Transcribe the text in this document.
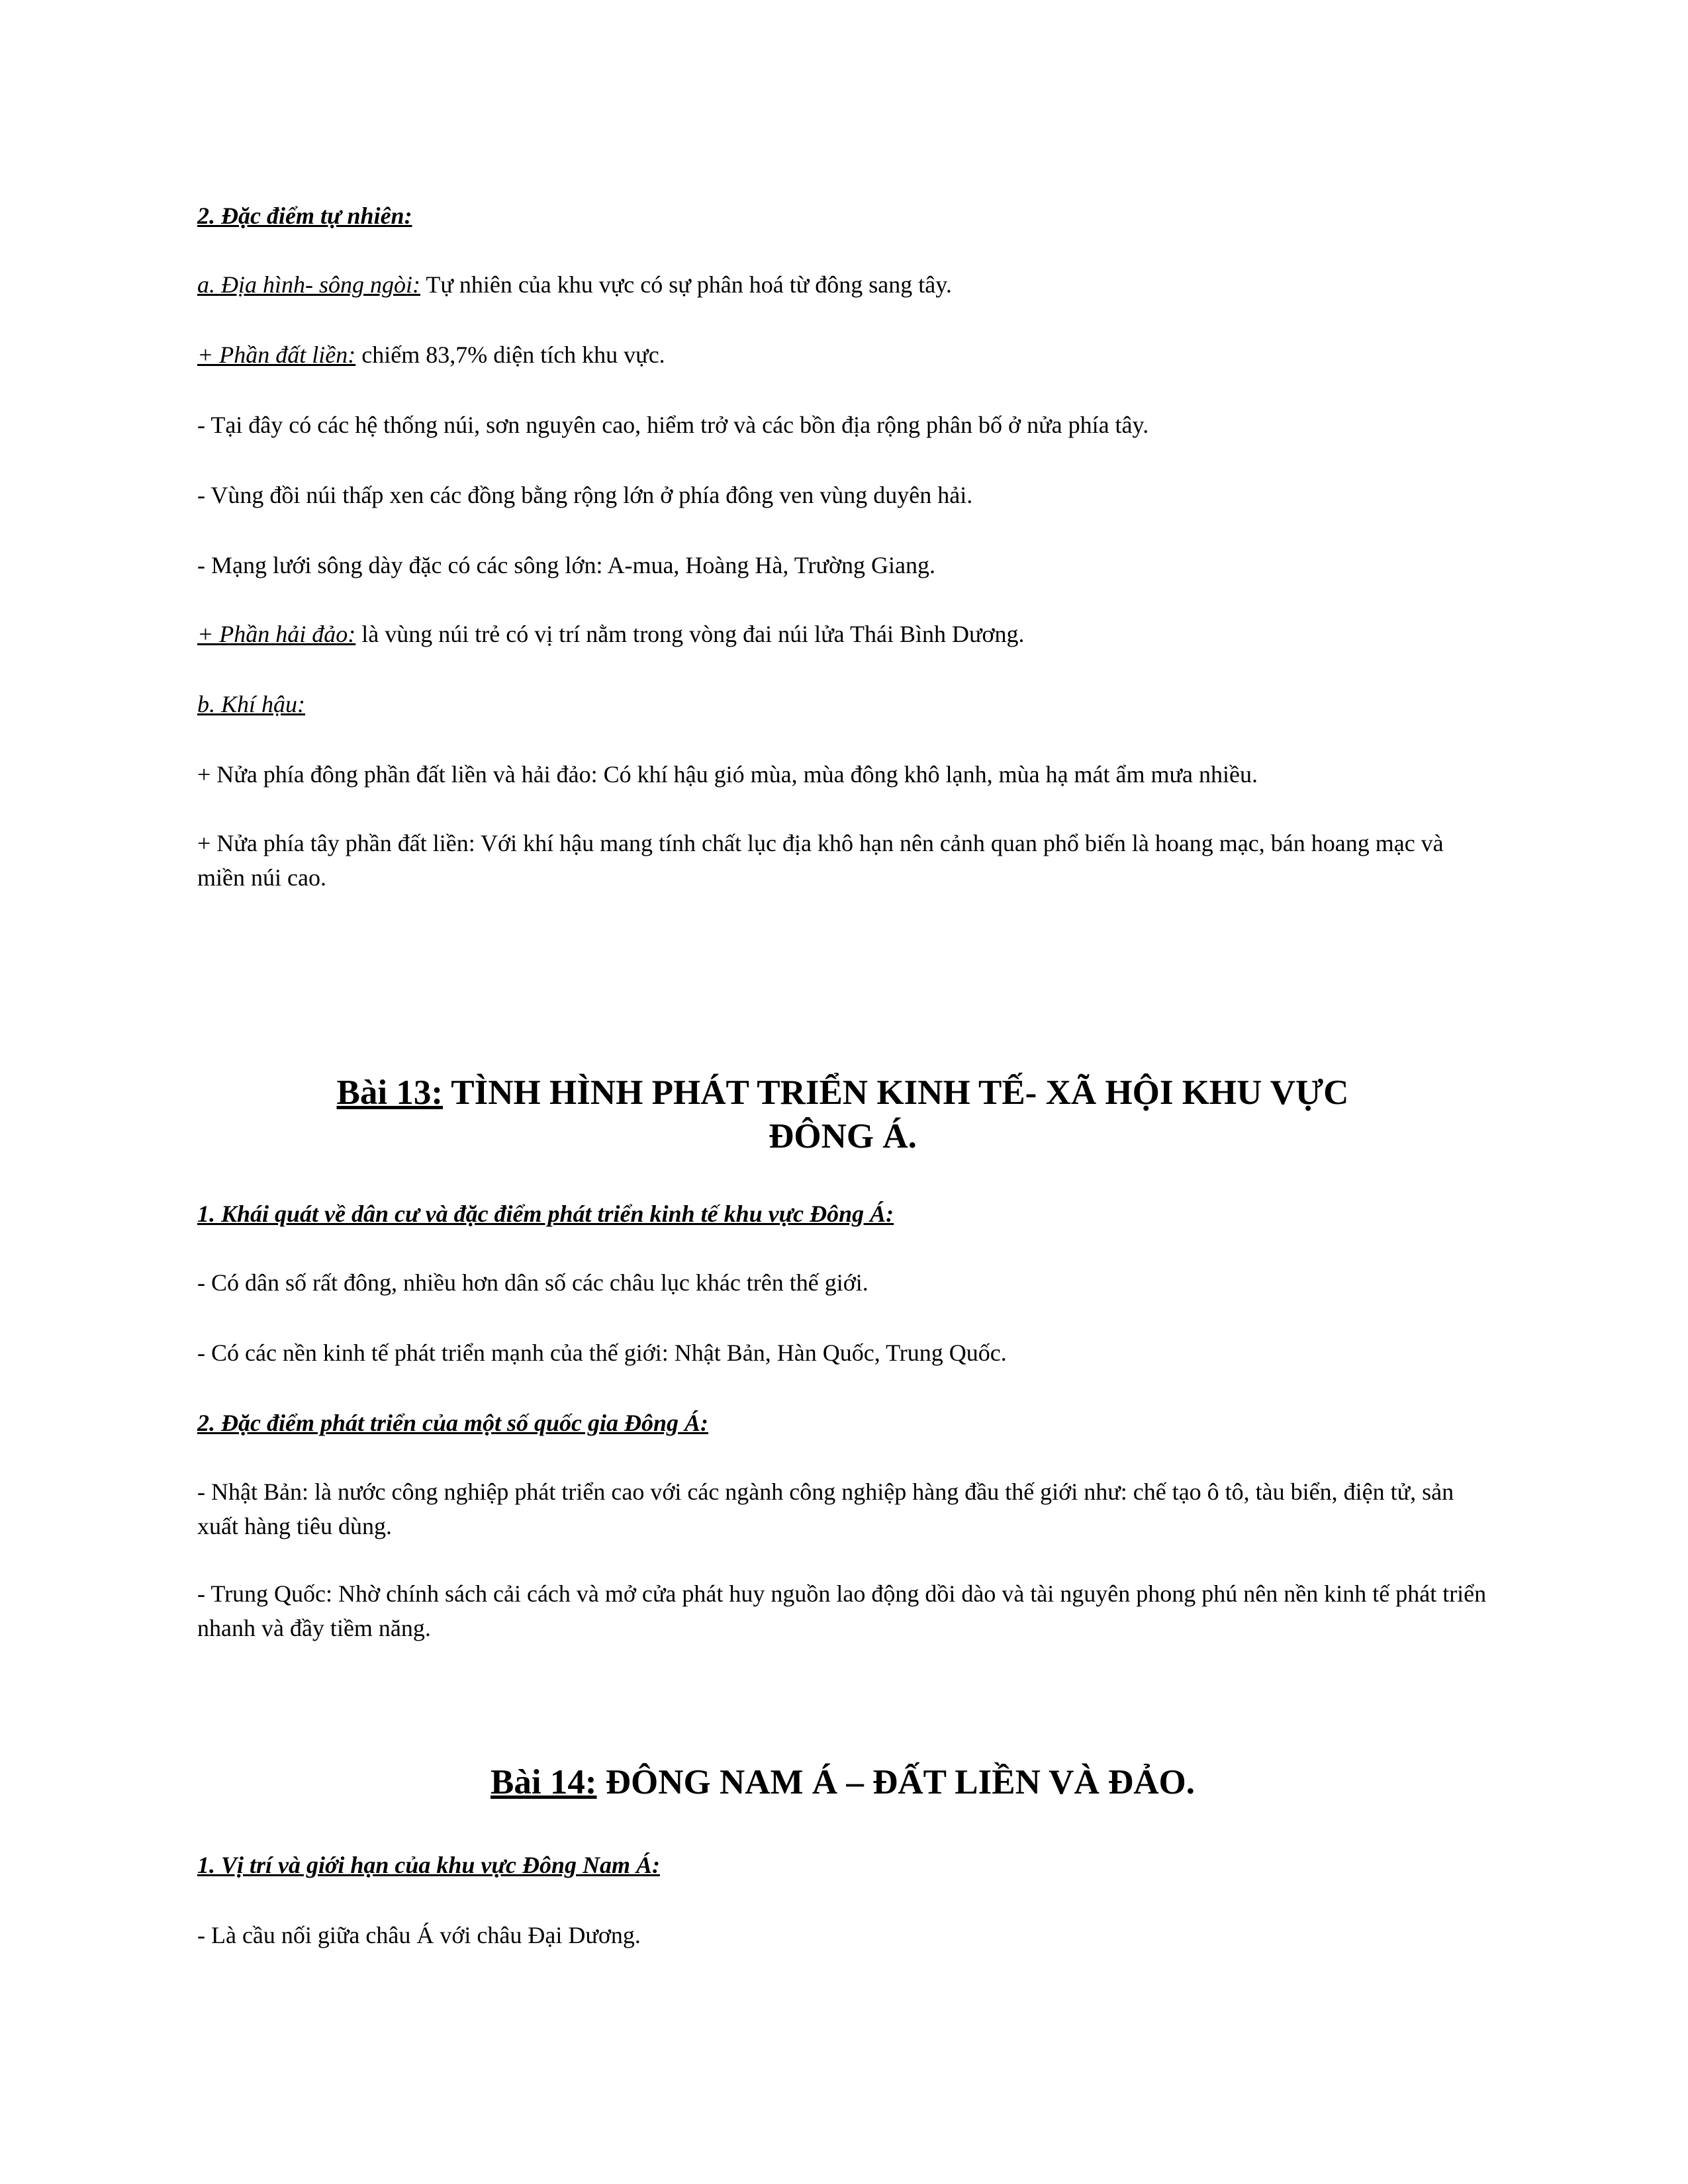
2. Đặc điểm tự nhiên:

a. Địa hình- sông ngòi: Tự nhiên của khu vực có sự phân hoá từ đông sang tây.

+ Phần đất liền: chiếm 83,7% diện tích khu vực.

- Tại đây có các hệ thống núi, sơn nguyên cao, hiểm trở và các bồn địa rộng phân bố ở nửa phía tây.

- Vùng đồi núi thấp xen các đồng bằng rộng lớn ở phía đông ven vùng duyên hải.

- Mạng lưới sông dày đặc có các sông lớn: A-mua, Hoàng Hà, Trường Giang.

+ Phần hải đảo: là vùng núi trẻ có vị trí nằm trong vòng đai núi lửa Thái Bình Dương.

b. Khí hậu:

+ Nửa phía đông phần đất liền và hải đảo: Có khí hậu gió mùa, mùa đông khô lạnh, mùa hạ mát ẩm mưa nhiều.

+ Nửa phía tây phần đất liền: Với khí hậu mang tính chất lục địa khô hạn nên cảnh quan phổ biến là hoang mạc, bán hoang mạc và miền núi cao.

Bài 13: TÌNH HÌNH PHÁT TRIỂN KINH TẾ- XÃ HỘI KHU VỰC
ĐÔNG Á.

1. Khái quát về dân cư và đặc điểm phát triển kinh tế khu vực Đông Á:

- Có dân số rất đông, nhiều hơn dân số các châu lục khác trên thế giới.

- Có các nền kinh tế phát triển mạnh của thế giới: Nhật Bản, Hàn Quốc, Trung Quốc.

2. Đặc điểm phát triển của một số quốc gia Đông Á:

- Nhật Bản: là nước công nghiệp phát triển cao với các ngành công nghiệp hàng đầu thế giới như: chế tạo ô tô, tàu biển, điện tử, sản xuất hàng tiêu dùng.

- Trung Quốc: Nhờ chính sách cải cách và mở cửa phát huy nguồn lao động dồi dào và tài nguyên phong phú nên nền kinh tế phát triển nhanh và đầy tiềm năng.

Bài 14: ĐÔNG NAM Á – ĐẤT LIỀN VÀ ĐẢO.

1. Vị trí và giới hạn của khu vực Đông Nam Á:

- Là cầu nối giữa châu Á với châu Đại Dương.
